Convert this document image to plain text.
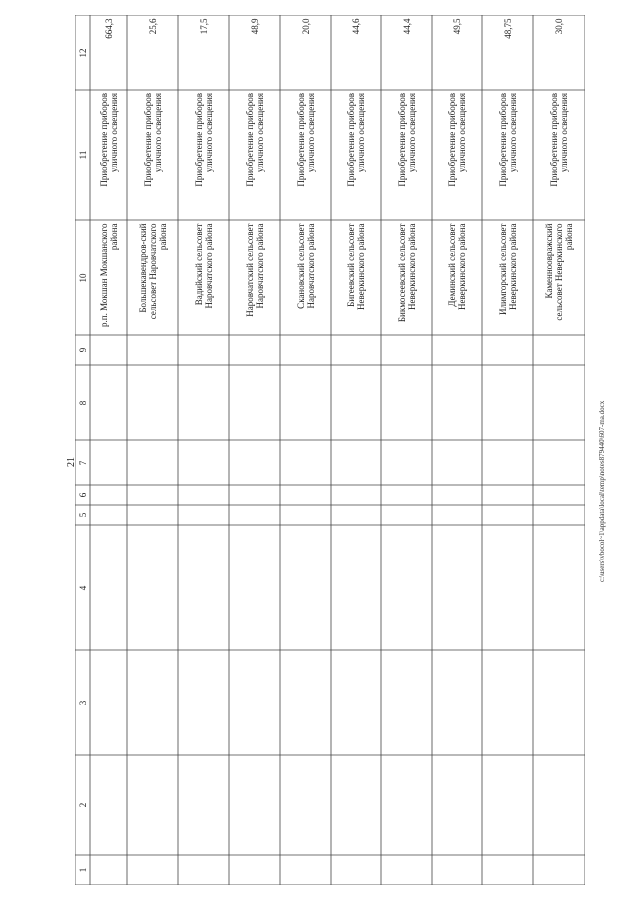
21	c:\users\vbocol~1\appdata\local\temp\notes879440\607-ma.docx
1
2
3
4
5
6
7
8
9
10
11
12
р.п. Мокшан Мокшанского района
Приобретение приборов уличного освещения
664,3
Большекавендров-ский сельсовет Наровчатского района
Приобретение приборов уличного освещения
25,6
Вадийский сельсовет Наровчатского района
Приобретение приборов уличного освещения
17,5
Наровчатский сельсовет Наровчатского района
Приобретение приборов уличного освещения
48,9
Скановский сельсовет Наровчатского района
Приобретение приборов уличного освещения
20,0
Бигеевский сельсовет Неверкинского района
Приобретение приборов уличного освещения
44,6
Бикмосеевский сельсовет Неверкинского района
Приобретение приборов уличного освещения
44,4
Деминский сельсовет Неверкинского района
Приобретение приборов уличного освещения
49,5
Илимгорский сельсовет Неверкинского района
Приобретение приборов уличного освещения
48,75
Каменноовражский сельсовет Неверкинского района
Приобретение приборов уличного освещения
30,0
